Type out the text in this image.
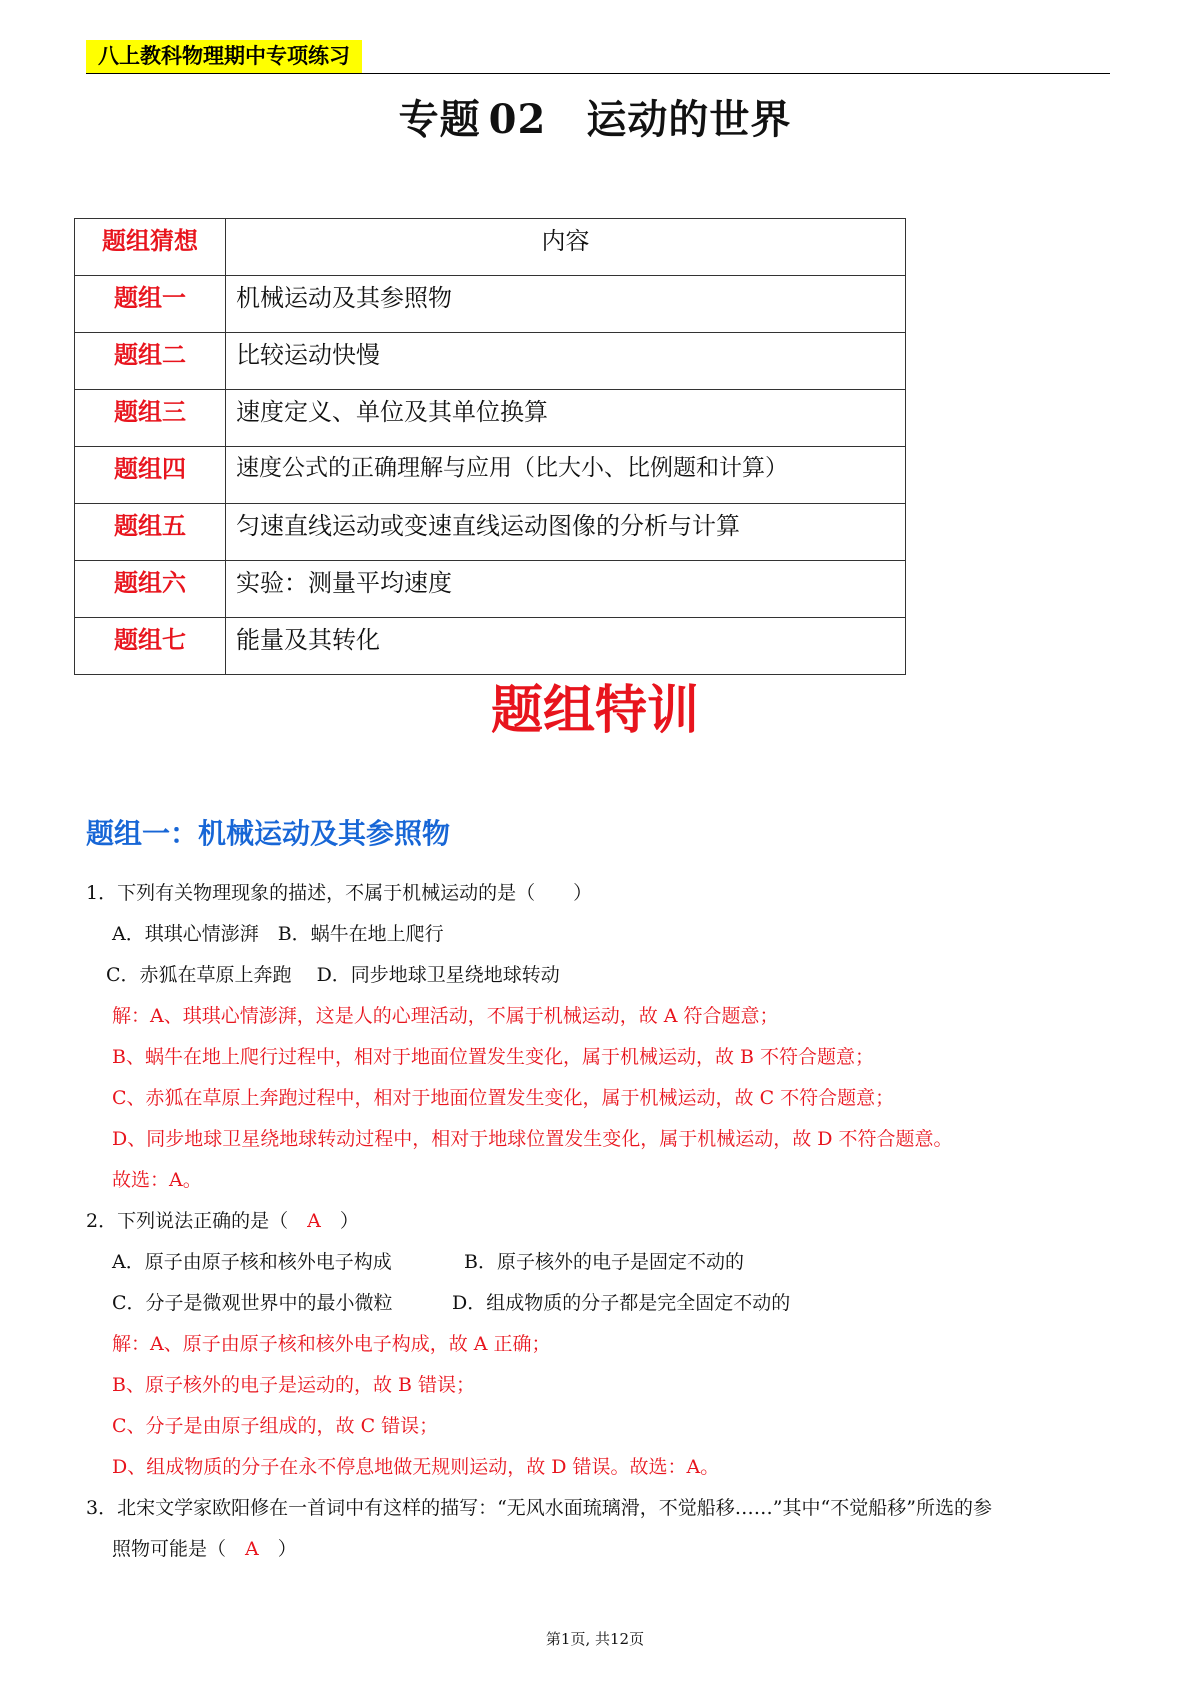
八上教科物理期中专项练习
专题 02 运动的世界
题组猜想	内容
题组一	机械运动及其参照物
题组二	比较运动快慢
题组三	速度定义、单位及其单位换算
题组四	速度公式的正确理解与应用（比大小、比例题和计算）
题组五	匀速直线运动或变速直线运动图像的分析与计算
题组六	实验：测量平均速度
题组七	能量及其转化
题组特训
题组一：机械运动及其参照物
1．下列有关物理现象的描述，不属于机械运动的是（　　）
A．琪琪心情澎湃　B．蜗牛在地上爬行
C．赤狐在草原上奔跑　 D．同步地球卫星绕地球转动
解：A、琪琪心情澎湃，这是人的心理活动，不属于机械运动，故 A 符合题意；
B、蜗牛在地上爬行过程中，相对于地面位置发生变化，属于机械运动，故 B 不符合题意；
C、赤狐在草原上奔跑过程中，相对于地面位置发生变化，属于机械运动，故 C 不符合题意；
D、同步地球卫星绕地球转动过程中，相对于地球位置发生变化，属于机械运动，故 D 不符合题意。
故选：A。
2．下列说法正确的是（　A　）
A．原子由原子核和核外电子构成	B．原子核外的电子是固定不动的
C．分子是微观世界中的最小微粒	D．组成物质的分子都是完全固定不动的
解：A、原子由原子核和核外电子构成，故 A 正确；
B、原子核外的电子是运动的，故 B 错误；
C、分子是由原子组成的，故 C 错误；
D、组成物质的分子在永不停息地做无规则运动，故 D 错误。故选：A。
3．北宋文学家欧阳修在一首词中有这样的描写：“无风水面琉璃滑，不觉船移……”其中“不觉船移”所选的参
照物可能是（　A　）
第1页, 共12页
